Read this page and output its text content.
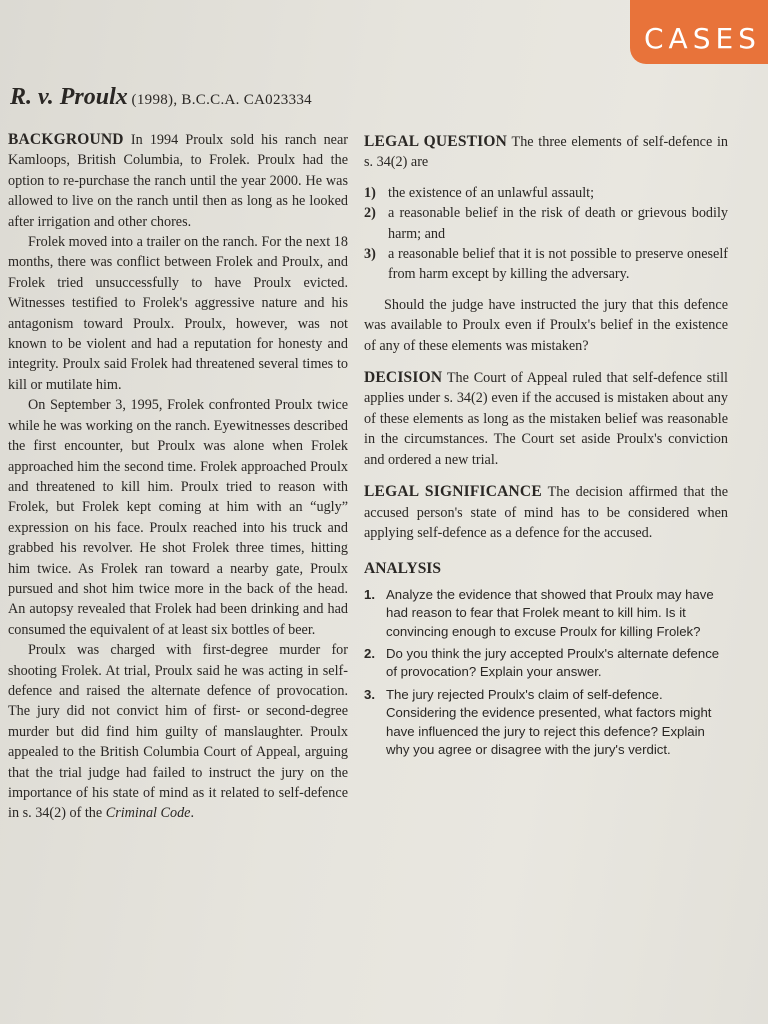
CASES
R. v. Proulx (1998), B.C.C.A. CA023334

BACKGROUND In 1994 Proulx sold his ranch near Kamloops, British Columbia, to Frolek. Proulx had the option to re-purchase the ranch until the year 2000. He was allowed to live on the ranch until then as long as he looked after irrigation and other chores.

Frolek moved into a trailer on the ranch. For the next 18 months, there was conflict between Frolek and Proulx, and Frolek tried unsuccessfully to have Proulx evicted. Witnesses testified to Frolek's aggressive nature and his antagonism toward Proulx. Proulx, however, was not known to be violent and had a reputation for honesty and integrity. Proulx said Frolek had threatened several times to kill or mutilate him.

On September 3, 1995, Frolek confronted Proulx twice while he was working on the ranch. Eyewitnesses described the first encounter, but Proulx was alone when Frolek approached him the second time. Frolek approached Proulx and threatened to kill him. Proulx tried to reason with Frolek, but Frolek kept coming at him with an “ugly” expression on his face. Proulx reached into his truck and grabbed his revolver. He shot Frolek three times, hitting him twice. As Frolek ran toward a nearby gate, Proulx pursued and shot him twice more in the back of the head. An autopsy revealed that Frolek had been drinking and had consumed the equivalent of at least six bottles of beer.

Proulx was charged with first-degree murder for shooting Frolek. At trial, Proulx said he was acting in self-defence and raised the alternate defence of provocation. The jury did not convict him of first- or second-degree murder but did find him guilty of manslaughter. Proulx appealed to the British Columbia Court of Appeal, arguing that the trial judge had failed to instruct the jury on the importance of his state of mind as it related to self-defence in s. 34(2) of the Criminal Code.

LEGAL QUESTION The three elements of self-defence in s. 34(2) are

1) the existence of an unlawful assault;
2) a reasonable belief in the risk of death or grievous bodily harm; and
3) a reasonable belief that it is not possible to preserve oneself from harm except by killing the adversary.

Should the judge have instructed the jury that this defence was available to Proulx even if Proulx's belief in the existence of any of these elements was mistaken?

DECISION The Court of Appeal ruled that self-defence still applies under s. 34(2) even if the accused is mistaken about any of these elements as long as the mistaken belief was reasonable in the circumstances. The Court set aside Proulx's conviction and ordered a new trial.

LEGAL SIGNIFICANCE The decision affirmed that the accused person's state of mind has to be considered when applying self-defence as a defence for the accused.

ANALYSIS
1. Analyze the evidence that showed that Proulx may have had reason to fear that Frolek meant to kill him. Is it convincing enough to excuse Proulx for killing Frolek?
2. Do you think the jury accepted Proulx's alternate defence of provocation? Explain your answer.
3. The jury rejected Proulx's claim of self-defence. Considering the evidence presented, what factors might have influenced the jury to reject this defence? Explain why you agree or disagree with the jury's verdict.
